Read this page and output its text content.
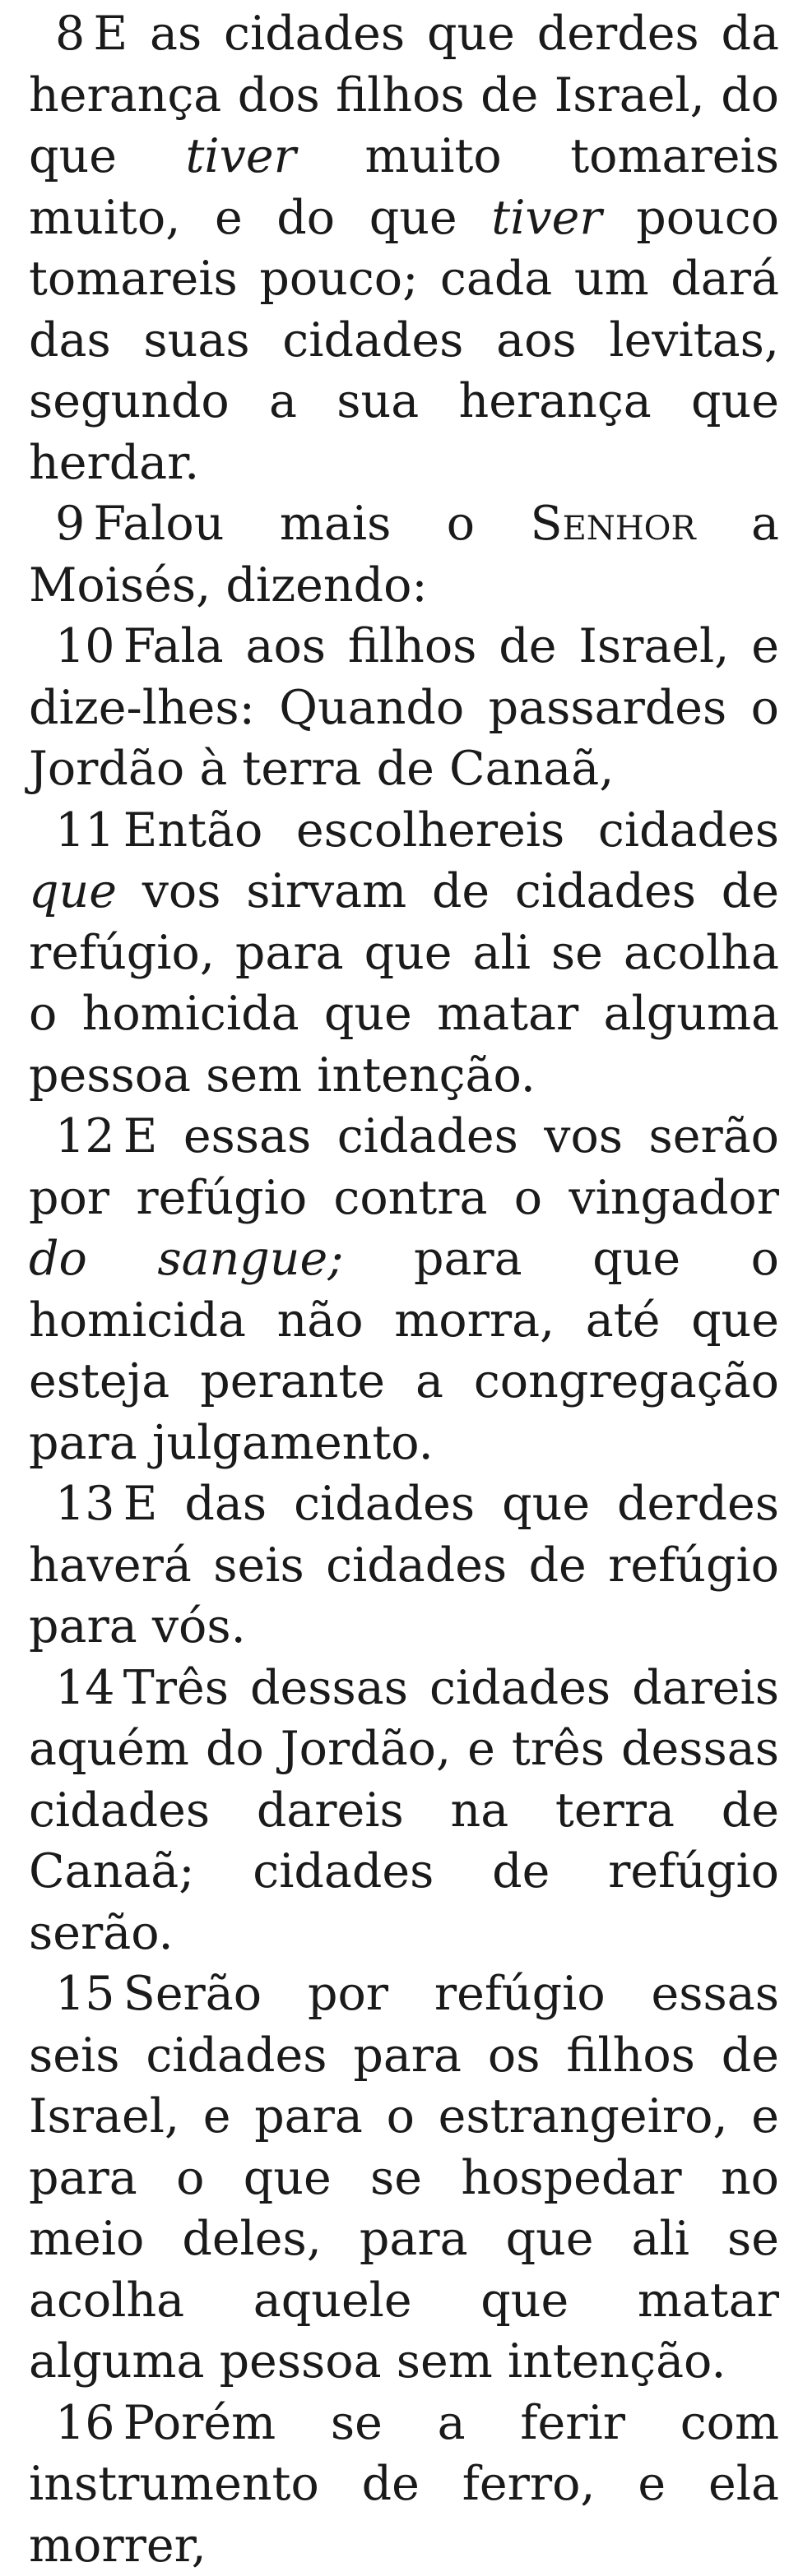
8 E as cidades que derdes da herança dos filhos de Israel, do que tiver muito tomareis muito, e do que tiver pouco tomareis pouco; cada um dará das suas cidades aos levitas, segundo a sua herança que herdar.

9 Falou mais o Senhor a Moisés, dizendo:

10 Fala aos filhos de Israel, e dize-lhes: Quando passardes o Jordão à terra de Canaã,

11 Então escolhereis cidades que vos sirvam de cidades de refúgio, para que ali se acolha o homicida que matar alguma pessoa sem intenção.

12 E essas cidades vos serão por refúgio contra o vingador do sangue; para que o homicida não morra, até que esteja perante a congregação para julgamento.

13 E das cidades que derdes haverá seis cidades de refúgio para vós.

14 Três dessas cidades dareis aquém do Jordão, e três dessas cidades dareis na terra de Canaã; cidades de refúgio serão.

15 Serão por refúgio essas seis cidades para os filhos de Israel, e para o estrangeiro, e para o que se hospedar no meio deles, para que ali se acolha aquele que matar alguma pessoa sem intenção.

16 Porém se a ferir com instrumento de ferro, e ela morrer,
